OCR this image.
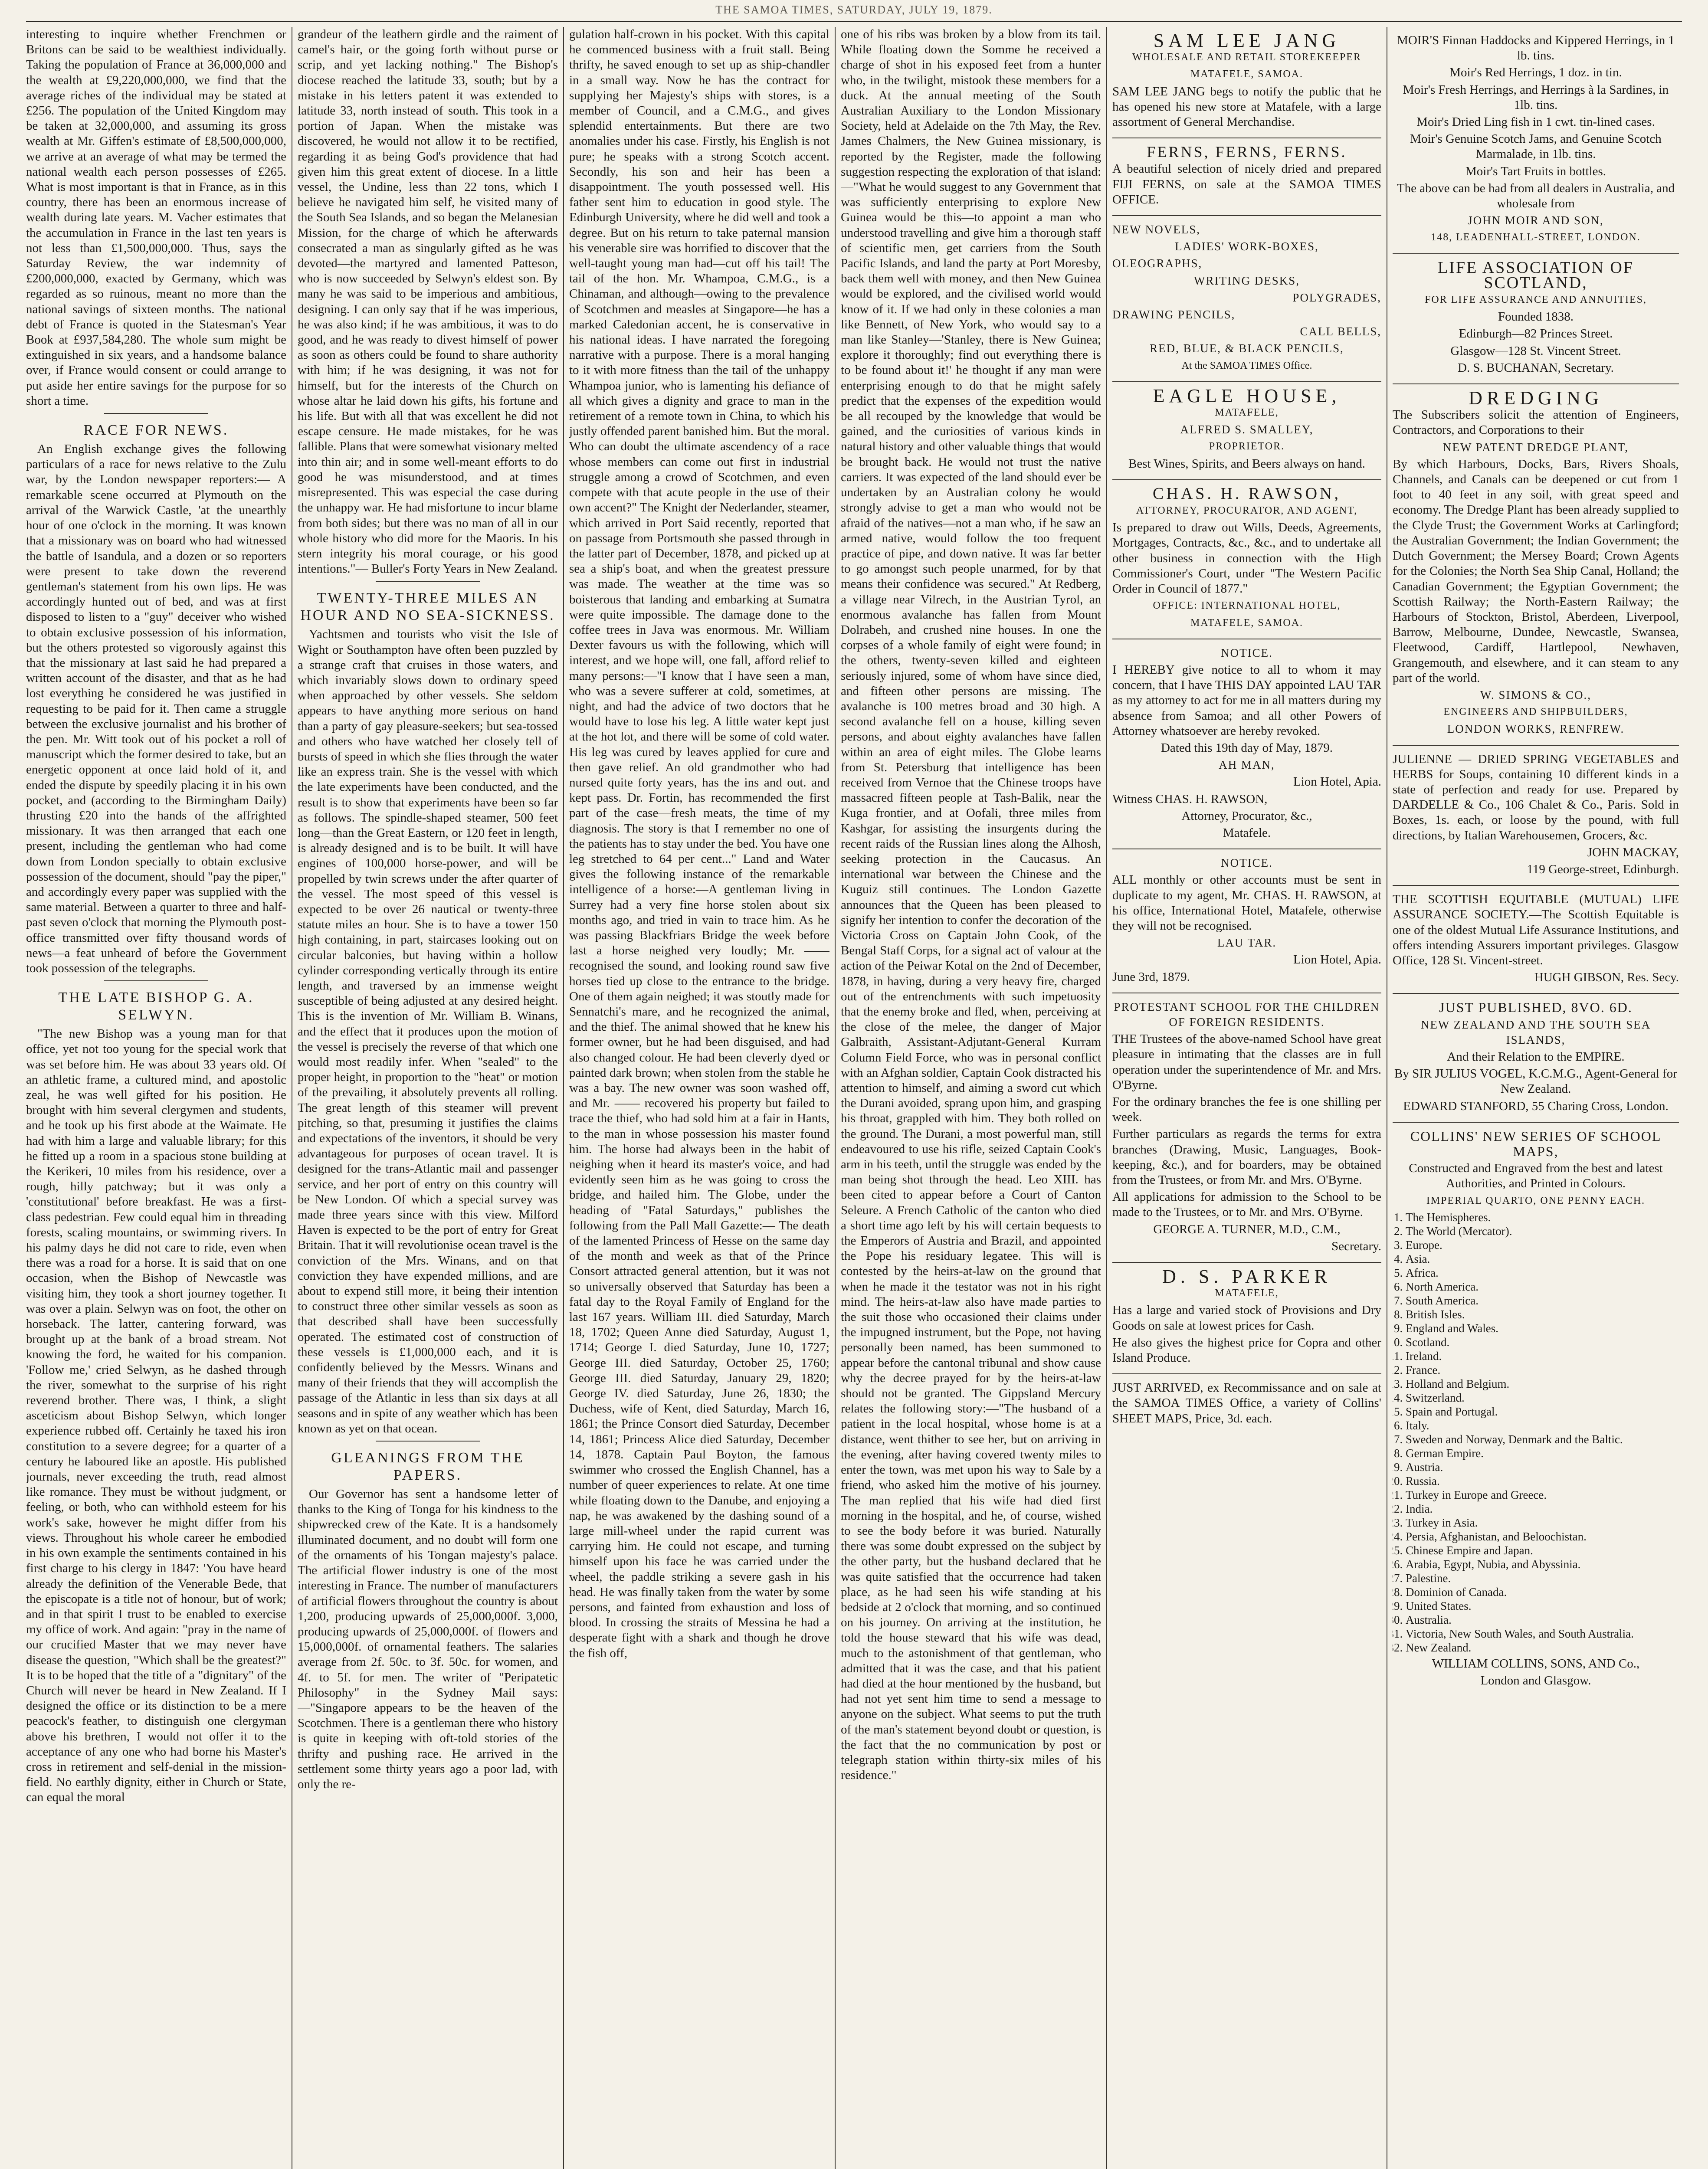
THE SAMOA TIMES, SATURDAY, JULY 19, 1879.

interesting to inquire whether Frenchmen or Britons can be said to be wealthiest individually. Taking the population of France at 36,000,000 and the wealth at £9,220,000,000, we find that the average riches of the individual may be stated at £256. The population of the United Kingdom may be taken at 32,000,000, and assuming its gross wealth at Mr. Giffen's estimate of £8,500,000,000, we arrive at an average of what may be termed the national wealth each person possesses of £265. What is most important is that in France, as in this country, there has been an enormous increase of wealth during late years. M. Vacher estimates that the accumulation in France in the last ten years is not less than £1,500,000,000. Thus, says the Saturday Review, the war indemnity of £200,000,000, exacted by Germany, which was regarded as so ruinous, meant no more than the national savings of sixteen months. The national debt of France is quoted in the Statesman's Year Book at £937,584,280. The whole sum might be extinguished in six years, and a handsome balance over, if France would consent or could arrange to put aside her entire savings for the purpose for so short a time.

RACE FOR NEWS.

An English exchange gives the following particulars of a race for news relative to the Zulu war, by the London newspaper reporters:— A remarkable scene occurred at Plymouth on the arrival of the Warwick Castle, 'at the unearthly hour of one o'clock in the morning. It was known that a missionary was on board who had witnessed the battle of Isandula, and a dozen or so reporters were present to take down the reverend gentleman's statement from his own lips. He was accordingly hunted out of bed, and was at first disposed to listen to a "guy" deceiver who wished to obtain exclusive possession of his information, but the others protested so vigorously against this that the missionary at last said he had prepared a written account of the disaster, and that as he had lost everything he considered he was justified in requesting to be paid for it. Then came a struggle between the exclusive journalist and his brother of the pen. Mr. Witt took out of his pocket a roll of manuscript which the former desired to take, but an energetic opponent at once laid hold of it, and ended the dispute by speedily placing it in his own pocket, and (according to the Birmingham Daily) thrusting £20 into the hands of the affrighted missionary. It was then arranged that each one present, including the gentleman who had come down from London specially to obtain exclusive possession of the document, should "pay the piper," and accordingly every paper was supplied with the same material. Between a quarter to three and half-past seven o'clock that morning the Plymouth post-office transmitted over fifty thousand words of news—a feat unheard of before the Government took possession of the telegraphs.

THE LATE BISHOP G. A. SELWYN.

"The new Bishop was a young man for that office, yet not too young for the special work that was set before him. He was about 33 years old. Of an athletic frame, a cultured mind, and apostolic zeal, he was well gifted for his position. He brought with him several clergymen and students, and he took up his first abode at the Waimate. He had with him a large and valuable library; for this he fitted up a room in a spacious stone building at the Kerikeri, 10 miles from his residence, over a rough, hilly patchway; but it was only a 'constitutional' before breakfast. He was a first-class pedestrian. Few could equal him in threading forests, scaling mountains, or swimming rivers. In his palmy days he did not care to ride, even when there was a road for a horse. It is said that on one occasion, when the Bishop of Newcastle was visiting him, they took a short journey together. It was over a plain. Selwyn was on foot, the other on horseback. The latter, cantering forward, was brought up at the bank of a broad stream. Not knowing the ford, he waited for his companion. 'Follow me,' cried Selwyn, as he dashed through the river, somewhat to the surprise of his right reverend brother. There was, I think, a slight asceticism about Bishop Selwyn, which longer experience rubbed off. Certainly he taxed his iron constitution to a severe degree; for a quarter of a century he laboured like an apostle. His published journals, never exceeding the truth, read almost like romance. They must be without judgment, or feeling, or both, who can withhold esteem for his work's sake, however he might differ from his views. Throughout his whole career he embodied in his own example the sentiments contained in his first charge to his clergy in 1847: 'You have heard already the definition of the Venerable Bede, that the episcopate is a title not of honour, but of work; and in that spirit I trust to be enabled to exercise my office of work. And again: "pray in the name of our crucified Master that we may never have disease the question, "Which shall be the greatest?" It is to be hoped that the title of a "dignitary" of the Church will never be heard in New Zealand. If I designed the office or its distinction to be a mere peacock's feather, to distinguish one clergyman above his brethren, I would not offer it to the acceptance of any one who had borne his Master's cross in retirement and self-denial in the mission-field. No earthly dignity, either in Church or State, can equal the moral

grandeur of the leathern girdle and the raiment of camel's hair, or the going forth without purse or scrip, and yet lacking nothing." The Bishop's diocese reached the latitude 33, south; but by a mistake in his letters patent it was extended to latitude 33, north instead of south. This took in a portion of Japan. When the mistake was discovered, he would not allow it to be rectified, regarding it as being God's providence that had given him this great extent of diocese. In a little vessel, the Undine, less than 22 tons, which I believe he navigated him self, he visited many of the South Sea Islands, and so began the Melanesian Mission, for the charge of which he afterwards consecrated a man as singularly gifted as he was devoted—the martyred and lamented Patteson, who is now succeeded by Selwyn's eldest son. By many he was said to be imperious and ambitious, designing. I can only say that if he was imperious, he was also kind; if he was ambitious, it was to do good, and he was ready to divest himself of power as soon as others could be found to share authority with him; if he was designing, it was not for himself, but for the interests of the Church on whose altar he laid down his gifts, his fortune and his life. But with all that was excellent he did not escape censure. He made mistakes, for he was fallible. Plans that were somewhat visionary melted into thin air; and in some well-meant efforts to do good he was misunderstood, and at times misrepresented. This was especial the case during the unhappy war. He had misfortune to incur blame from both sides; but there was no man of all in our whole history who did more for the Maoris. In his stern integrity his moral courage, or his good intentions."— Buller's Forty Years in New Zealand.

TWENTY-THREE MILES AN HOUR AND NO SEA-SICKNESS.

Yachtsmen and tourists who visit the Isle of Wight or Southampton have often been puzzled by a strange craft that cruises in those waters, and which invariably slows down to ordinary speed when approached by other vessels. She seldom appears to have anything more serious on hand than a party of gay pleasure-seekers; but sea-tossed and others who have watched her closely tell of bursts of speed in which she flies through the water like an express train. She is the vessel with which the late experiments have been conducted, and the result is to show that experiments have been so far as follows. The spindle-shaped steamer, 500 feet long—than the Great Eastern, or 120 feet in length, is already designed and is to be built. It will have engines of 100,000 horse-power, and will be propelled by twin screws under the after quarter of the vessel. The most speed of this vessel is expected to be over 26 nautical or twenty-three statute miles an hour. She is to have a tower 150 high containing, in part, staircases looking out on circular balconies, but having within a hollow cylinder corresponding vertically through its entire length, and traversed by an immense weight susceptible of being adjusted at any desired height. This is the invention of Mr. William B. Winans, and the effect that it produces upon the motion of the vessel is precisely the reverse of that which one would most readily infer. When "sealed" to the proper height, in proportion to the "heat" or motion of the prevailing, it absolutely prevents all rolling. The great length of this steamer will prevent pitching, so that, presuming it justifies the claims and expectations of the inventors, it should be very advantageous for purposes of ocean travel. It is designed for the trans-Atlantic mail and passenger service, and her port of entry on this country will be New London. Of which a special survey was made three years since with this view. Milford Haven is expected to be the port of entry for Great Britain. That it will revolutionise ocean travel is the conviction of the Mrs. Winans, and on that conviction they have expended millions, and are about to expend still more, it being their intention to construct three other similar vessels as soon as that described shall have been successfully operated. The estimated cost of construction of these vessels is £1,000,000 each, and it is confidently believed by the Messrs. Winans and many of their friends that they will accomplish the passage of the Atlantic in less than six days at all seasons and in spite of any weather which has been known as yet on that ocean.

GLEANINGS FROM THE PAPERS.

Our Governor has sent a handsome letter of thanks to the King of Tonga for his kindness to the shipwrecked crew of the Kate. It is a handsomely illuminated document, and no doubt will form one of the ornaments of his Tongan majesty's palace. The artificial flower industry is one of the most interesting in France. The number of manufacturers of artificial flowers throughout the country is about 1,200, producing upwards of 25,000,000f. 3,000, producing upwards of 25,000,000f. of flowers and 15,000,000f. of ornamental feathers. The salaries average from 2f. 50c. to 3f. 50c. for women, and 4f. to 5f. for men. The writer of "Peripatetic Philosophy" in the Sydney Mail says: —"Singapore appears to be the heaven of the Scotchmen. There is a gentleman there who history is quite in keeping with oft-told stories of the thrifty and pushing race. He arrived in the settlement some thirty years ago a poor lad, with only the re-

gulation half-crown in his pocket. With this capital he commenced business with a fruit stall. Being thrifty, he saved enough to set up as ship-chandler in a small way. Now he has the contract for supplying her Majesty's ships with stores, is a member of Council, and a C.M.G., and gives splendid entertainments. But there are two anomalies under his case. Firstly, his English is not pure; he speaks with a strong Scotch accent. Secondly, his son and heir has been a disappointment. The youth possessed well. His father sent him to education in good style. The Edinburgh University, where he did well and took a degree. But on his return to take paternal mansion his venerable sire was horrified to discover that the well-taught young man had—cut off his tail! The tail of the hon. Mr. Whampoa, C.M.G., is a Chinaman, and although—owing to the prevalence of Scotchmen and measles at Singapore—he has a marked Caledonian accent, he is conservative in his national ideas. I have narrated the foregoing narrative with a purpose. There is a moral hanging to it with more fitness than the tail of the unhappy Whampoa junior, who is lamenting his defiance of all which gives a dignity and grace to man in the retirement of a remote town in China, to which his justly offended parent banished him. But the moral. Who can doubt the ultimate ascendency of a race whose members can come out first in industrial struggle among a crowd of Scotchmen, and even compete with that acute people in the use of their own accent?" The Knight der Nederlander, steamer, which arrived in Port Said recently, reported that on passage from Portsmouth she passed through in the latter part of December, 1878, and picked up at sea a ship's boat, and when the greatest pressure was made. The weather at the time was so boisterous that landing and embarking at Sumatra were quite impossible. The damage done to the coffee trees in Java was enormous. Mr. William Dexter favours us with the following, which will interest, and we hope will, one fall, afford relief to many persons:—"I know that I have seen a man, who was a severe sufferer at cold, sometimes, at night, and had the advice of two doctors that he would have to lose his leg. A little water kept just at the hot lot, and there will be some of cold water. His leg was cured by leaves applied for cure and then gave relief. An old grandmother who had nursed quite forty years, has the ins and out. and kept pass. Dr. Fortin, has recommended the first part of the case—fresh meats, the time of my diagnosis. The story is that I remember no one of the patients has to stay under the bed. You have one leg stretched to 64 per cent..." Land and Water gives the following instance of the remarkable intelligence of a horse:—A gentleman living in Surrey had a very fine horse stolen about six months ago, and tried in vain to trace him. As he was passing Blackfriars Bridge the week before last a horse neighed very loudly; Mr. —— recognised the sound, and looking round saw five horses tied up close to the entrance to the bridge. One of them again neighed; it was stoutly made for Sennatchi's mare, and he recognized the animal, and the thief. The animal showed that he knew his former owner, but he had been disguised, and had also changed colour. He had been cleverly dyed or painted dark brown; when stolen from the stable he was a bay. The new owner was soon washed off, and Mr. —— recovered his property but failed to trace the thief, who had sold him at a fair in Hants, to the man in whose possession his master found him. The horse had always been in the habit of neighing when it heard its master's voice, and had evidently seen him as he was going to cross the bridge, and hailed him. The Globe, under the heading of "Fatal Saturdays," publishes the following from the Pall Mall Gazette:— The death of the lamented Princess of Hesse on the same day of the month and week as that of the Prince Consort attracted general attention, but it was not so universally observed that Saturday has been a fatal day to the Royal Family of England for the last 167 years. William III. died Saturday, March 18, 1702; Queen Anne died Saturday, August 1, 1714; George I. died Saturday, June 10, 1727; George III. died Saturday, October 25, 1760; George III. died Saturday, January 29, 1820; George IV. died Saturday, June 26, 1830; the Duchess, wife of Kent, died Saturday, March 16, 1861; the Prince Consort died Saturday, December 14, 1861; Princess Alice died Saturday, December 14, 1878. Captain Paul Boyton, the famous swimmer who crossed the English Channel, has a number of queer experiences to relate. At one time while floating down to the Danube, and enjoying a nap, he was awakened by the dashing sound of a large mill-wheel under the rapid current was carrying him. He could not escape, and turning himself upon his face he was carried under the wheel, the paddle striking a severe gash in his head. He was finally taken from the water by some persons, and fainted from exhaustion and loss of blood. In crossing the straits of Messina he had a desperate fight with a shark and though he drove the fish off,

one of his ribs was broken by a blow from its tail. While floating down the Somme he received a charge of shot in his exposed feet from a hunter who, in the twilight, mistook these members for a duck. At the annual meeting of the South Australian Auxiliary to the London Missionary Society, held at Adelaide on the 7th May, the Rev. James Chalmers, the New Guinea missionary, is reported by the Register, made the following suggestion respecting the exploration of that island:—"What he would suggest to any Government that was sufficiently enterprising to explore New Guinea would be this—to appoint a man who understood travelling and give him a thorough staff of scientific men, get carriers from the South Pacific Islands, and land the party at Port Moresby, back them well with money, and then New Guinea would be explored, and the civilised world would know of it. If we had only in these colonies a man like Bennett, of New York, who would say to a man like Stanley—'Stanley, there is New Guinea; explore it thoroughly; find out everything there is to be found about it!' he thought if any man were enterprising enough to do that he might safely predict that the expenses of the expedition would be all recouped by the knowledge that would be gained, and the curiosities of various kinds in natural history and other valuable things that would be brought back. He would not trust the native carriers. It was expected of the land should ever be undertaken by an Australian colony he would strongly advise to get a man who would not be afraid of the natives—not a man who, if he saw an armed native, would follow the too frequent practice of pipe, and down native. It was far better to go amongst such people unarmed, for by that means their confidence was secured." At Redberg, a village near Vilrech, in the Austrian Tyrol, an enormous avalanche has fallen from Mount Dolrabeh, and crushed nine houses. In one the corpses of a whole family of eight were found; in the others, twenty-seven killed and eighteen seriously injured, some of whom have since died, and fifteen other persons are missing. The avalanche is 100 metres broad and 30 high. A second avalanche fell on a house, killing seven persons, and about eighty avalanches have fallen within an area of eight miles. The Globe learns from St. Petersburg that intelligence has been received from Vernoe that the Chinese troops have massacred fifteen people at Tash-Balik, near the Kuga frontier, and at Oofali, three miles from Kashgar, for assisting the insurgents during the recent raids of the Russian lines along the Alhosh, seeking protection in the Caucasus. An international war between the Chinese and the Kuguiz still continues. The London Gazette announces that the Queen has been pleased to signify her intention to confer the decoration of the Victoria Cross on Captain John Cook, of the Bengal Staff Corps, for a signal act of valour at the action of the Peiwar Kotal on the 2nd of December, 1878, in having, during a very heavy fire, charged out of the entrenchments with such impetuosity that the enemy broke and fled, when, perceiving at the close of the melee, the danger of Major Galbraith, Assistant-Adjutant-General Kurram Column Field Force, who was in personal conflict with an Afghan soldier, Captain Cook distracted his attention to himself, and aiming a sword cut which the Durani avoided, sprang upon him, and grasping his throat, grappled with him. They both rolled on the ground. The Durani, a most powerful man, still endeavoured to use his rifle, seized Captain Cook's arm in his teeth, until the struggle was ended by the man being shot through the head. Leo XIII. has been cited to appear before a Court of Canton Seleure. A French Catholic of the canton who died a short time ago left by his will certain bequests to the Emperors of Austria and Brazil, and appointed the Pope his residuary legatee. This will is contested by the heirs-at-law on the ground that when he made it the testator was not in his right mind. The heirs-at-law also have made parties to the suit those who occasioned their claims under the impugned instrument, but the Pope, not having personally been named, has been summoned to appear before the cantonal tribunal and show cause why the decree prayed for by the heirs-at-law should not be granted. The Gippsland Mercury relates the following story:—"The husband of a patient in the local hospital, whose home is at a distance, went thither to see her, but on arriving in the evening, after having covered twenty miles to enter the town, was met upon his way to Sale by a friend, who asked him the motive of his journey. The man replied that his wife had died first morning in the hospital, and he, of course, wished to see the body before it was buried. Naturally there was some doubt expressed on the subject by the other party, but the husband declared that he was quite satisfied that the occurrence had taken place, as he had seen his wife standing at his bedside at 2 o'clock that morning, and so continued on his journey. On arriving at the institution, he told the house steward that his wife was dead, much to the astonishment of that gentleman, who admitted that it was the case, and that his patient had died at the hour mentioned by the husband, but had not yet sent him time to send a message to anyone on the subject. What seems to put the truth of the man's statement beyond doubt or question, is the fact that the no communication by post or telegraph station within thirty-six miles of his residence."

SAM LEE JANG

WHOLESALE AND RETAIL STOREKEEPER

MATAFELE, SAMOA.

SAM LEE JANG begs to notify the public that he has opened his new store at Matafele, with a large assortment of General Merchandise.

FERNS, FERNS, FERNS.

A beautiful selection of nicely dried and prepared FIJI FERNS, on sale at the SAMOA TIMES OFFICE.

NEW NOVELS,

LADIES' WORK-BOXES,

OLEOGRAPHS,

WRITING DESKS,

POLYGRADES,

DRAWING PENCILS,

CALL BELLS,

RED, BLUE, & BLACK PENCILS,

At the SAMOA TIMES Office.

EAGLE HOUSE,

MATAFELE,

ALFRED S. SMALLEY,

PROPRIETOR.

Best Wines, Spirits, and Beers always on hand.

CHAS. H. RAWSON,

ATTORNEY, PROCURATOR, AND AGENT,

Is prepared to draw out Wills, Deeds, Agreements, Mortgages, Contracts, &c., &c., and to undertake all other business in connection with the High Commissioner's Court, under "The Western Pacific Order in Council of 1877."

OFFICE: INTERNATIONAL HOTEL,

MATAFELE, SAMOA.

NOTICE.

I HEREBY give notice to all to whom it may concern, that I have THIS DAY appointed LAU TAR as my attorney to act for me in all matters during my absence from Samoa; and all other Powers of Attorney whatsoever are hereby revoked.

Dated this 19th day of May, 1879.

AH MAN,

Lion Hotel, Apia.

Witness CHAS. H. RAWSON,

Attorney, Procurator, &c.,

Matafele.

NOTICE.

ALL monthly or other accounts must be sent in duplicate to my agent, Mr. CHAS. H. RAWSON, at his office, International Hotel, Matafele, otherwise they will not be recognised.

LAU TAR.

Lion Hotel, Apia.

June 3rd, 1879.

PROTESTANT SCHOOL FOR THE CHILDREN OF FOREIGN RESIDENTS.

THE Trustees of the above-named School have great pleasure in intimating that the classes are in full operation under the superintendence of Mr. and Mrs. O'Byrne.

For the ordinary branches the fee is one shilling per week.

Further particulars as regards the terms for extra branches (Drawing, Music, Languages, Book-keeping, &c.), and for boarders, may be obtained from the Trustees, or from Mr. and Mrs. O'Byrne.

All applications for admission to the School to be made to the Trustees, or to Mr. and Mrs. O'Byrne.

GEORGE A. TURNER, M.D., C.M.,

Secretary.

D. S. PARKER

MATAFELE,

Has a large and varied stock of Provisions and Dry Goods on sale at lowest prices for Cash.

He also gives the highest price for Copra and other Island Produce.

JUST ARRIVED, ex Recommissance and on sale at the SAMOA TIMES Office, a variety of Collins' SHEET MAPS, Price, 3d. each.

MOIR'S Finnan Haddocks and Kippered Herrings, in 1 lb. tins.

Moir's Red Herrings, 1 doz. in tin.

Moir's Fresh Herrings, and Herrings à la Sardines, in 1lb. tins.

Moir's Dried Ling fish in 1 cwt. tin-lined cases.

Moir's Genuine Scotch Jams, and Genuine Scotch Marmalade, in 1lb. tins.

Moir's Tart Fruits in bottles.

The above can be had from all dealers in Australia, and wholesale from

JOHN MOIR AND SON,

148, LEADENHALL-STREET, LONDON.

LIFE ASSOCIATION OF SCOTLAND,

FOR LIFE ASSURANCE AND ANNUITIES,

Founded 1838.

Edinburgh—82 Princes Street.

Glasgow—128 St. Vincent Street.

D. S. BUCHANAN, Secretary.

DREDGING

The Subscribers solicit the attention of Engineers, Contractors, and Corporations to their

NEW PATENT DREDGE PLANT,

By which Harbours, Docks, Bars, Rivers Shoals, Channels, and Canals can be deepened or cut from 1 foot to 40 feet in any soil, with great speed and economy. The Dredge Plant has been already supplied to the Clyde Trust; the Government Works at Carlingford; the Australian Government; the Indian Government; the Dutch Government; the Mersey Board; Crown Agents for the Colonies; the North Sea Ship Canal, Holland; the Canadian Government; the Egyptian Government; the Scottish Railway; the North-Eastern Railway; the Harbours of Stockton, Bristol, Aberdeen, Liverpool, Barrow, Melbourne, Dundee, Newcastle, Swansea, Fleetwood, Cardiff, Hartlepool, Newhaven, Grangemouth, and elsewhere, and it can steam to any part of the world.

W. SIMONS & CO.,

ENGINEERS AND SHIPBUILDERS,

LONDON WORKS, RENFREW.

JULIENNE — DRIED SPRING VEGETABLES and HERBS for Soups, containing 10 different kinds in a state of perfection and ready for use. Prepared by DARDELLE & Co., 106 Chalet & Co., Paris. Sold in Boxes, 1s. each, or loose by the pound, with full directions, by Italian Warehousemen, Grocers, &c.

JOHN MACKAY,

119 George-street, Edinburgh.

THE SCOTTISH EQUITABLE (MUTUAL) LIFE ASSURANCE SOCIETY.—The Scottish Equitable is one of the oldest Mutual Life Assurance Institutions, and offers intending Assurers important privileges. Glasgow Office, 128 St. Vincent-street.

HUGH GIBSON, Res. Secy.

JUST PUBLISHED, 8VO. 6D.

NEW ZEALAND AND THE SOUTH SEA ISLANDS,

And their Relation to the EMPIRE.

By SIR JULIUS VOGEL, K.C.M.G., Agent-General for New Zealand.

EDWARD STANFORD, 55 Charing Cross, London.

COLLINS' NEW SERIES OF SCHOOL MAPS,

Constructed and Engraved from the best and latest Authorities, and Printed in Colours.

IMPERIAL QUARTO, ONE PENNY EACH.

1. The Hemispheres.
2. The World (Mercator).
3. Europe.
4. Asia.
5. Africa.
6. North America.
7. South America.
8. British Isles.
9. England and Wales.
10. Scotland.
11. Ireland.
12. France.
13. Holland and Belgium.
14. Switzerland.
15. Spain and Portugal.
16. Italy.
17. Sweden and Norway, Denmark and the Baltic.
18. German Empire.
19. Austria.
20. Russia.
21. Turkey in Europe and Greece.
22. India.
23. Turkey in Asia.
24. Persia, Afghanistan, and Beloochistan.
25. Chinese Empire and Japan.
26. Arabia, Egypt, Nubia, and Abyssinia.
27. Palestine.
28. Dominion of Canada.
29. United States.
30. Australia.
31. Victoria, New South Wales, and South Australia.
32. New Zealand.

WILLIAM COLLINS, SONS, AND Co.,

London and Glasgow.
